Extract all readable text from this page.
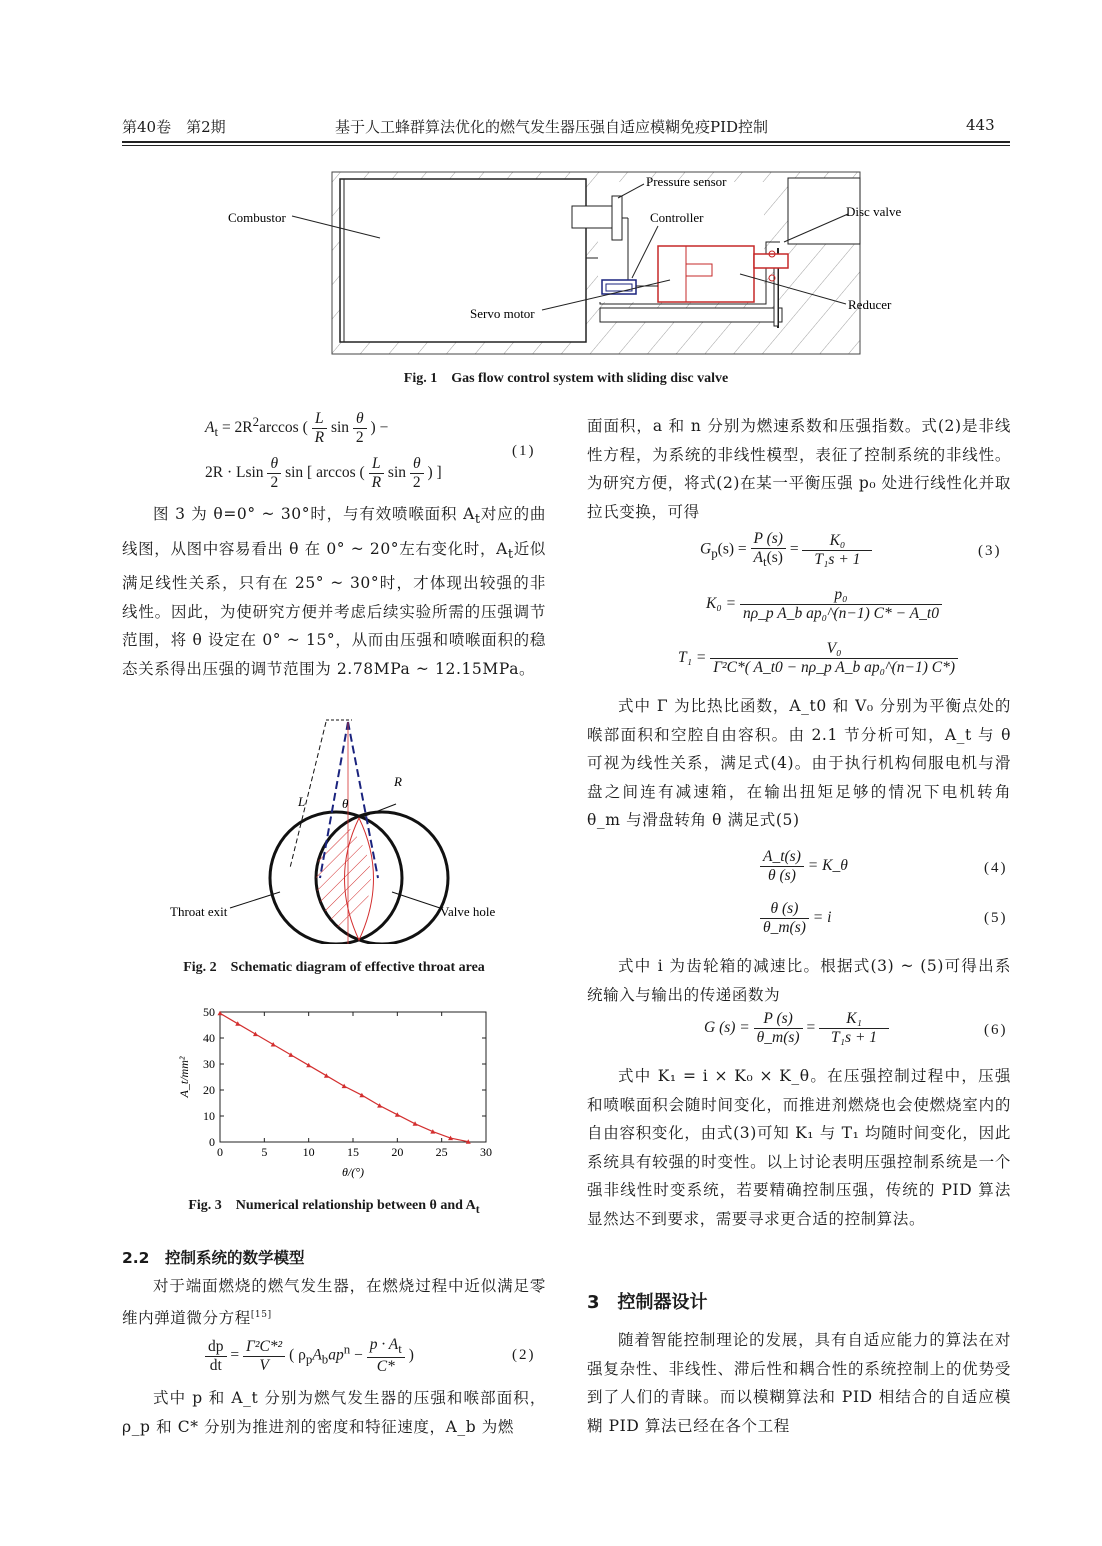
第40卷　第2期	基于人工蜂群算法优化的燃气发生器压强自适应模糊免疫PID控制	443
Combustor
Pressure sensor
Controller	Disc valve
Servo motor
Reducer
Fig. 1　Gas flow control system with sliding disc valve
$A_t = 2R^2\arccos$ ( $\frac{L}{R}$ $\sin \frac{\theta}{2}$ ) −
2R · Lsin $\frac{\theta}{2}$ sin [ arccos ( $\frac{L}{R}$ $\sin \frac{\theta}{2}$ ) ]
(1)

图 3 为 θ=0° ~ 30°时，与有效喷喉面积 $A_t$对应的曲线图，从图中容易看出 θ 在 0° ~ 20°左右变化时，$A_t$近似满足线性关系，只有在 25° ~ 30°时，才体现出较强的非线性。因此，为使研究方便并考虑后续实验所需的压强调节范围，将 θ 设定在 0° ~ 15°，从而由压强和喷喉面积的稳态关系得出压强的调节范围为 2.78MPa ~ 12.15MPa。

L	θ
R
Throat exit	Valve hole
Fig. 2　Schematic diagram of effective throat area
0	5	10	15	20	25	30
0
10
20
30
40
50
θ/(°)
A_t/mm²
Fig. 3　Numerical relationship between θ and $A_t$
2.2　控制系统的数学模型

对于端面燃烧的燃气发生器，在燃烧过程中近似满足零维内弹道微分方程[15]

$\frac{dp}{dt} = \frac{\text{Γ²C*²}}{V}$ ( $\rho_pA_bap^n - \frac{p \cdot A_t}{C*}$ )	(2)

式中 p 和 A_t 分别为燃气发生器的压强和喉部面积，ρ_p 和 C* 分别为推进剂的密度和特征速度，A_b 为燃

面面积，a 和 n 分别为燃速系数和压强指数。式(2)是非线性方程，为系统的非线性模型，表征了控制系统的非线性。为研究方便，将式(2)在某一平衡压强 p₀ 处进行线性化并取拉氏变换，可得

$G_p(s) = \frac{P (s)}{A_t(s)} = \frac{\text{K₀}}{\text{T₁s + 1}}$	(3)
$K_0 = \frac{\text{p₀}}{\text{nρ\_p A\_b ap₀\textasciicircum{}(n−1) C* − A\_t0}}$
$T_1 = \frac{\text{V₀}}{\text{Γ²C*( A\_t0 − nρ\_p A\_b ap₀\textasciicircum{}(n−1) C*)}}$

式中 Γ 为比热比函数，A_t0 和 V₀ 分别为平衡点处的喉部面积和空腔自由容积。由 2.1 节分析可知，A_t 与 θ 可视为线性关系，满足式(4)。由于执行机构伺服电机与滑盘之间连有减速箱，在输出扭矩足够的情况下电机转角 θ_m 与滑盘转角 θ 满足式(5)

$\frac{A\_t(s)}{\theta (s)}$ = K_θ	(4)
$\frac{\theta (s)}{\theta\_m(s)} = i$	(5)

式中 i 为齿轮箱的减速比。根据式(3) ~ (5)可得出系统输入与输出的传递函数为

G $(s) = \frac{P (s)}{\theta\_m(s)} = \frac{\text{K₁}}{\text{T₁s + 1}}$	(6)

式中 K₁ = i × K₀ × K_θ。在压强控制过程中，压强和喷喉面积会随时间变化，而推进剂燃烧也会使燃烧室内的自由容积变化，由式(3)可知 K₁ 与 T₁ 均随时间变化，因此系统具有较强的时变性。以上讨论表明压强控制系统是一个强非线性时变系统，若要精确控制压强，传统的 PID 算法显然达不到要求，需要寻求更合适的控制算法。

3　控制器设计

随着智能控制理论的发展，具有自适应能力的算法在对强复杂性、非线性、滞后性和耦合性的系统控制上的优势受到了人们的青睐。而以模糊算法和 PID 相结合的自适应模糊 PID 算法已经在各个工程
